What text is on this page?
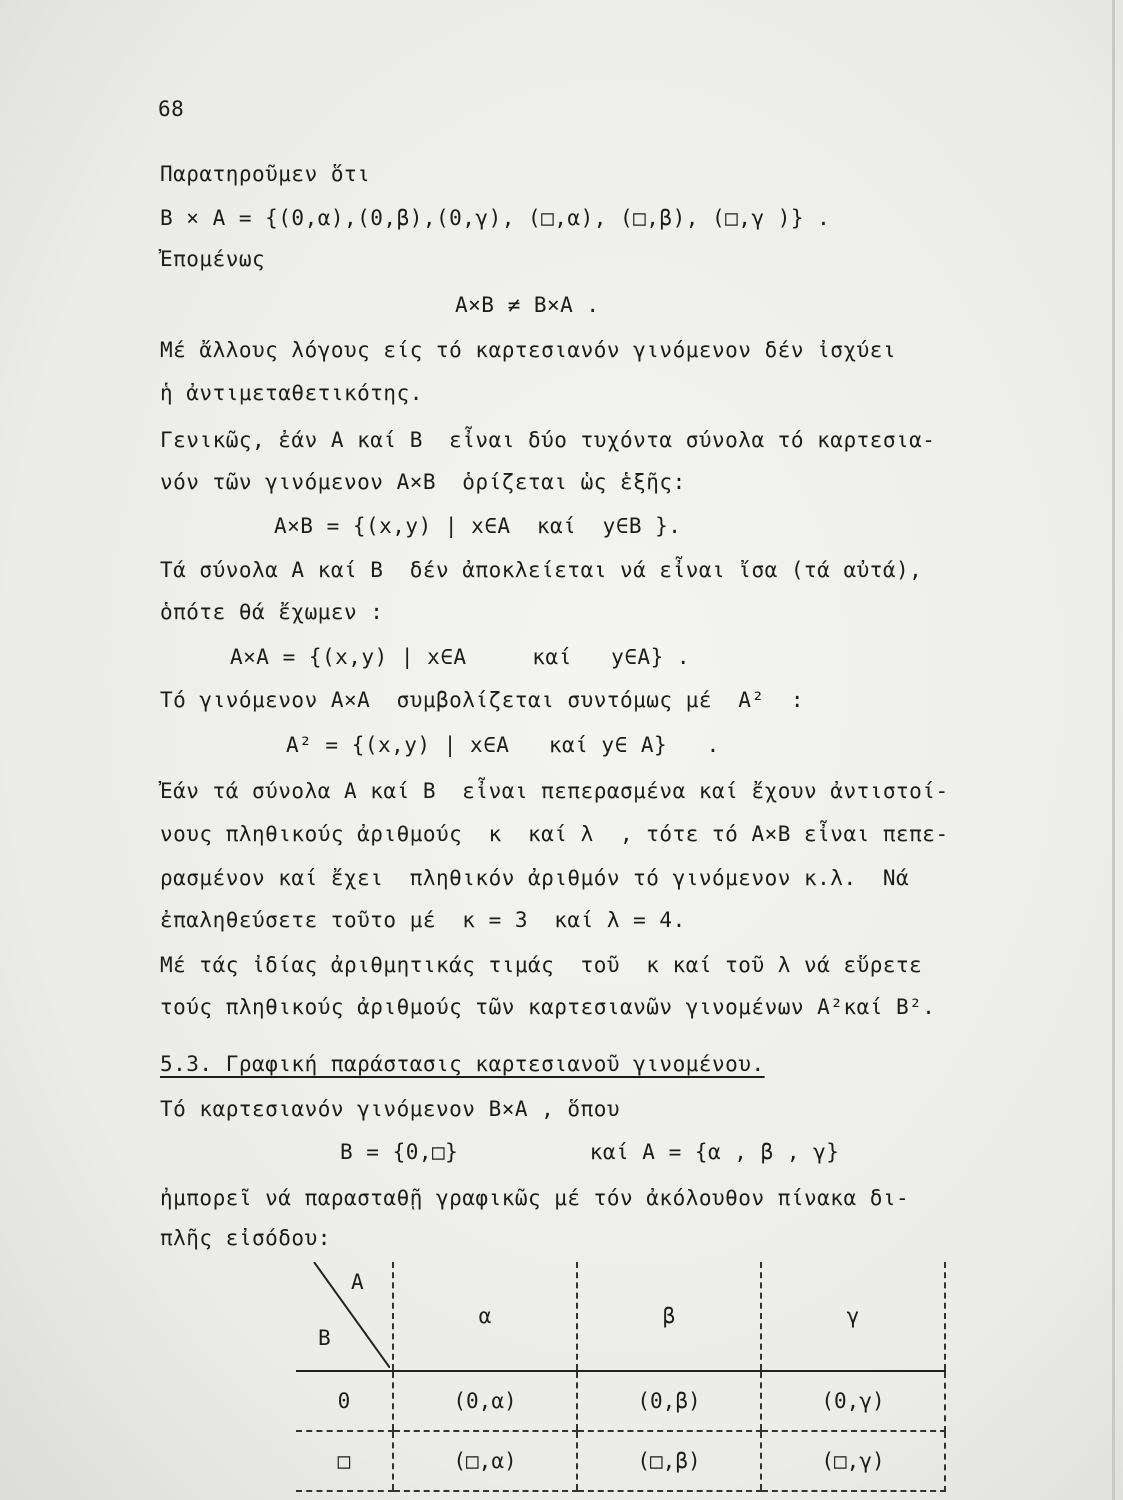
68
Παρατηροῦμεν ὅτι
B × A = {(0,α),(0,β),(0,γ), (□,α), (□,β), (□,γ )} .
Ἐπομένως
A×B ≠ B×A .
Μέ ἄλλους λόγους είς τό καρτεσιανόν γινόμενον δέν ἰσχύει
ἡ ἀντιμεταθετικότης.
Γενικῶς, ἐάν A καί B  εἶναι δύο τυχόντα σύνολα τό καρτεσια-
νόν τῶν γινόμενον A×B  ὁρίζεται ὡς ἑξῆς:
A×B = {(x,y) | x∈A  καί  y∈B }.
Τά σύνολα A καί B  δέν ἀποκλείεται νά εἶναι ἴσα (τά αὐτά),
ὁπότε θά ἔχωμεν :
A×A = {(x,y) | x∈A     καί   y∈A} .
Τό γινόμενον A×A  συμβολίζεται συντόμως μέ  A²  :
A² = {(x,y) | x∈A   καί y∈ A}   .
Ἐάν τά σύνολα A καί B  εἶναι πεπερασμένα καί ἔχουν ἀντιστοί-
νους πληθικούς ἀριθμούς  κ  καί λ  , τότε τό A×B εἶναι πεπε-
ρασμένον καί ἔχει  πληθικόν ἀριθμόν τό γινόμενον κ.λ.  Νά
ἐπαληθεύσετε τοῦτο μέ  κ = 3  καί λ = 4.
Μέ τάς ἰδίας ἀριθμητικάς τιμάς  τοῦ  κ καί τοῦ λ νά εὕρετε
τούς πληθικούς ἀριθμούς τῶν καρτεσιανῶν γινομένων A²καί B².
5.3. Γραφική παράστασις καρτεσιανοῦ γινομένου.
Τό καρτεσιανόν γινόμενον B×A , ὅπου
B = {0,□}          καί A = {α , β , γ}
ἠμπορεῖ νά παρασταθῇ γραφικῶς μέ τόν ἀκόλουθον πίνακα δι-
πλῆς εἰσόδου:
A
B	α	β	γ
0	(0,α)	(0,β)	(0,γ)
□	(□,α)	(□,β)	(□,γ)
